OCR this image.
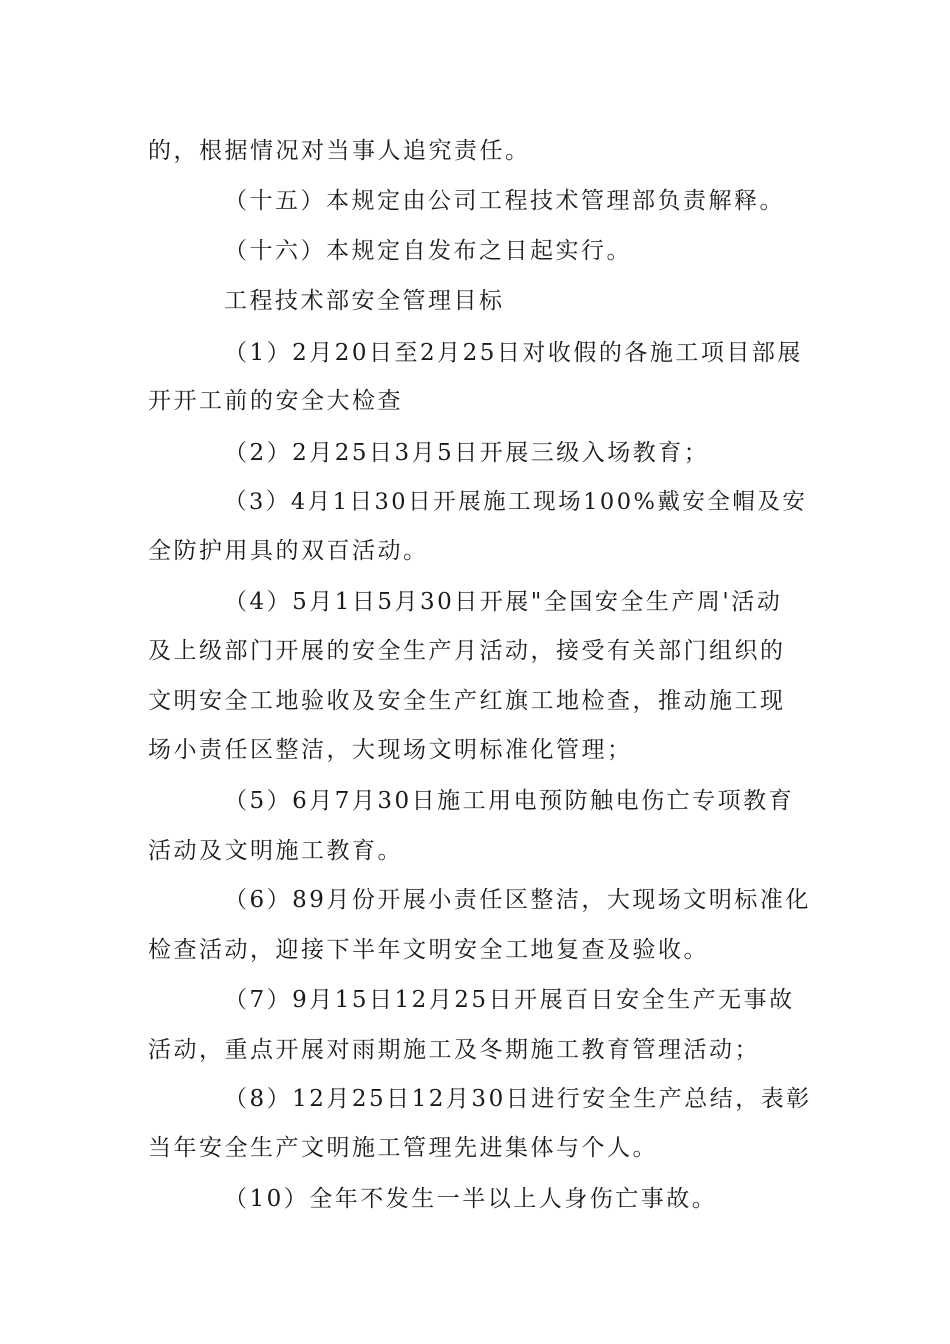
的，根据情况对当事人追究责任。
（十五）本规定由公司工程技术管理部负责解释。
（十六）本规定自发布之日起实行。
工程技术部安全管理目标
（1）2月20日至2月25日对收假的各施工项目部展
开开工前的安全大检查
（2）2月25日3月5日开展三级入场教育；
（3）4月1日30日开展施工现场100%戴安全帽及安
全防护用具的双百活动。
（4）5月1日5月30日开展"全国安全生产周'活动
及上级部门开展的安全生产月活动，接受有关部门组织的
文明安全工地验收及安全生产红旗工地检查，推动施工现
场小责任区整洁，大现场文明标准化管理；
（5）6月7月30日施工用电预防触电伤亡专项教育
活动及文明施工教育。
（6）89月份开展小责任区整洁，大现场文明标准化
检查活动，迎接下半年文明安全工地复查及验收。
（7）9月15日12月25日开展百日安全生产无事故
活动，重点开展对雨期施工及冬期施工教育管理活动；
（8）12月25日12月30日进行安全生产总结，表彰
当年安全生产文明施工管理先进集体与个人。
（10）全年不发生一半以上人身伤亡事故。
